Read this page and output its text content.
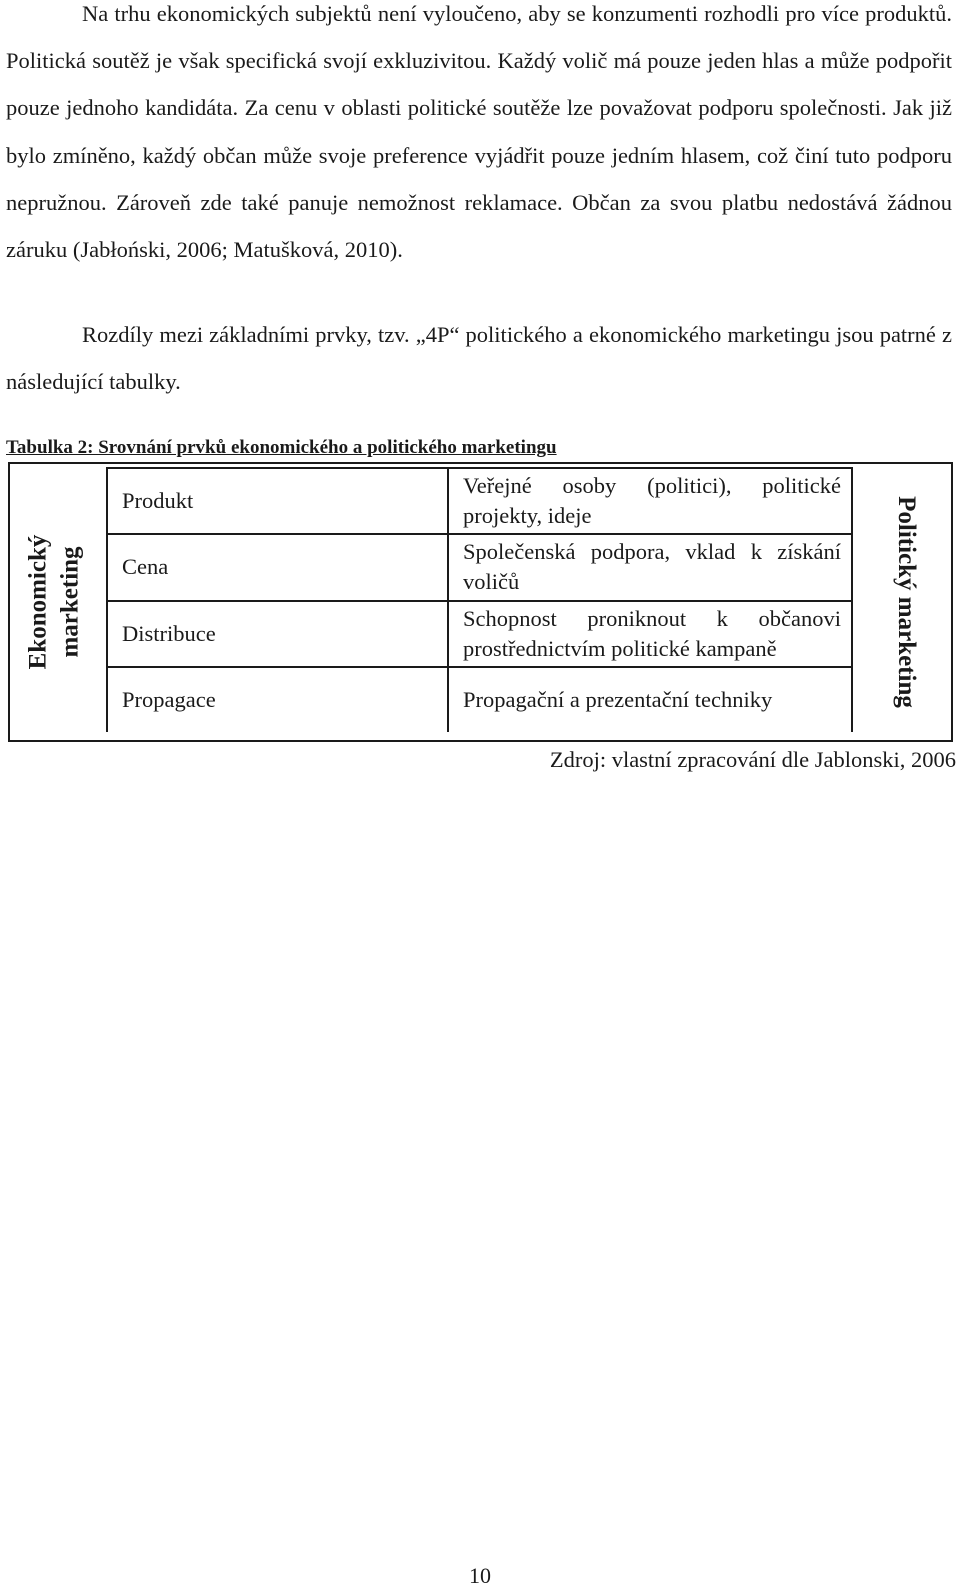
Na trhu ekonomických subjektů není vyloučeno, aby se konzumenti rozhodli pro více produktů. Politická soutěž je však specifická svojí exkluzivitou. Každý volič má pouze jeden hlas a může podpořit pouze jednoho kandidáta. Za cenu v oblasti politické soutěže lze považovat podporu společnosti. Jak již bylo zmíněno, každý občan může svoje preference vyjádřit pouze jedním hlasem, což činí tuto podporu nepružnou. Zároveň zde také panuje nemožnost reklamace. Občan za svou platbu nedostává žádnou záruku (Jabłoński, 2006; Matušková, 2010).

Rozdíly mezi základními prvky, tzv. „4P“ politického a ekonomického marketingu jsou patrné z následující tabulky.

Tabulka 2: Srovnání prvků ekonomického a politického marketingu

Ekonomický marketing	Politický marketing
Produkt	Veřejné osoby (politici), politické projekty, ideje
Cena	Společenská podpora, vklad k získání voličů
Distribuce	Schopnost proniknout k občanovi prostřednictvím politické kampaně
Propagace	Propagační a prezentační techniky
Zdroj: vlastní zpracování dle Jablonski, 2006
10
